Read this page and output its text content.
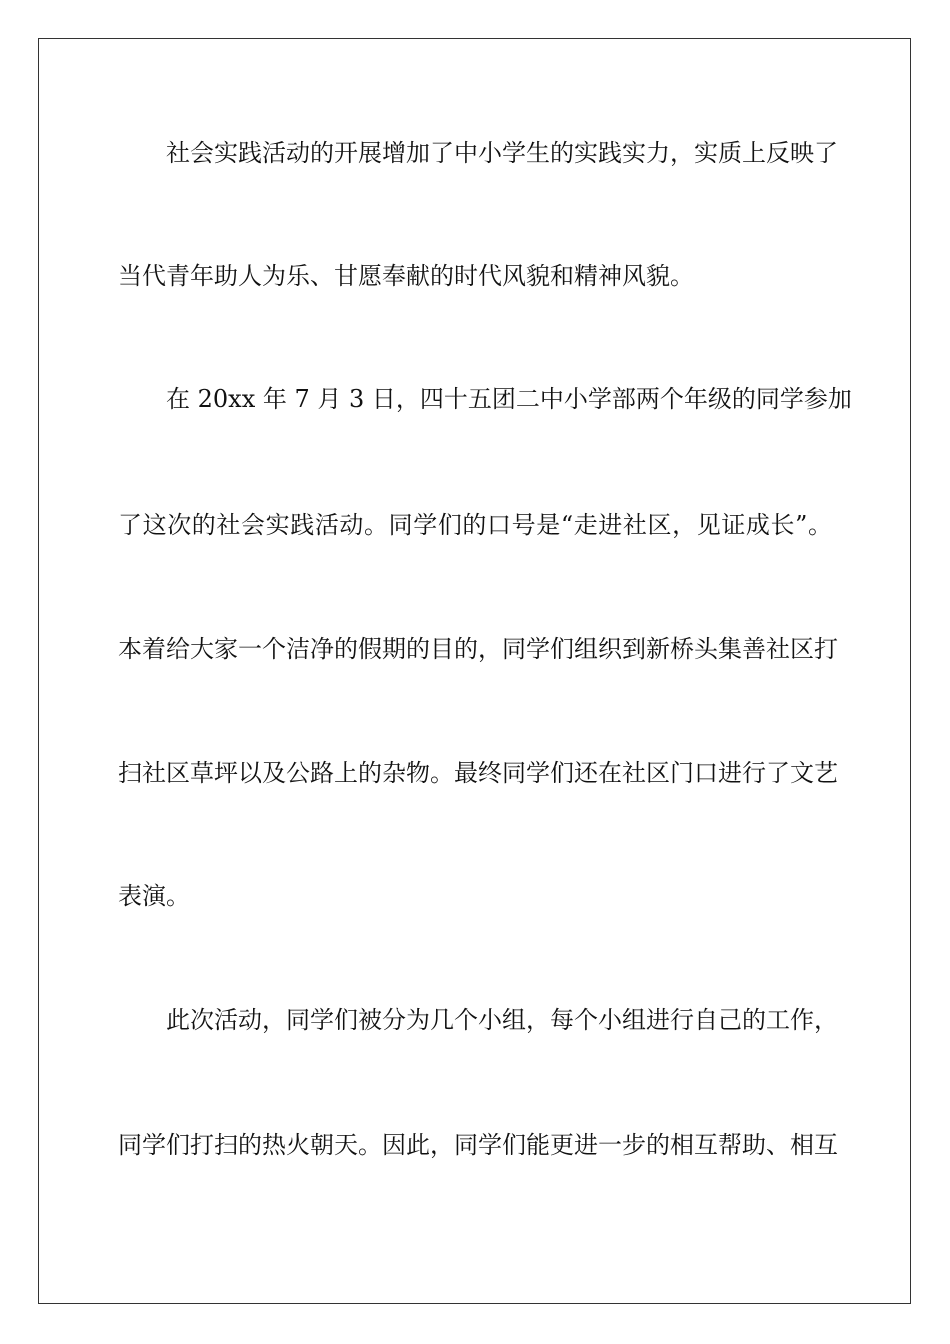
社会实践活动的开展增加了中小学生的实践实力，实质上反映了
当代青年助人为乐、甘愿奉献的时代风貌和精神风貌。
在 20xx 年 7 月 3 日，四十五团二中小学部两个年级的同学参加
了这次的社会实践活动。同学们的口号是“走进社区，见证成长”。
本着给大家一个洁净的假期的目的，同学们组织到新桥头集善社区打
扫社区草坪以及公路上的杂物。最终同学们还在社区门口进行了文艺
表演。
此次活动，同学们被分为几个小组，每个小组进行自己的工作，
同学们打扫的热火朝天。因此，同学们能更进一步的相互帮助、相互
